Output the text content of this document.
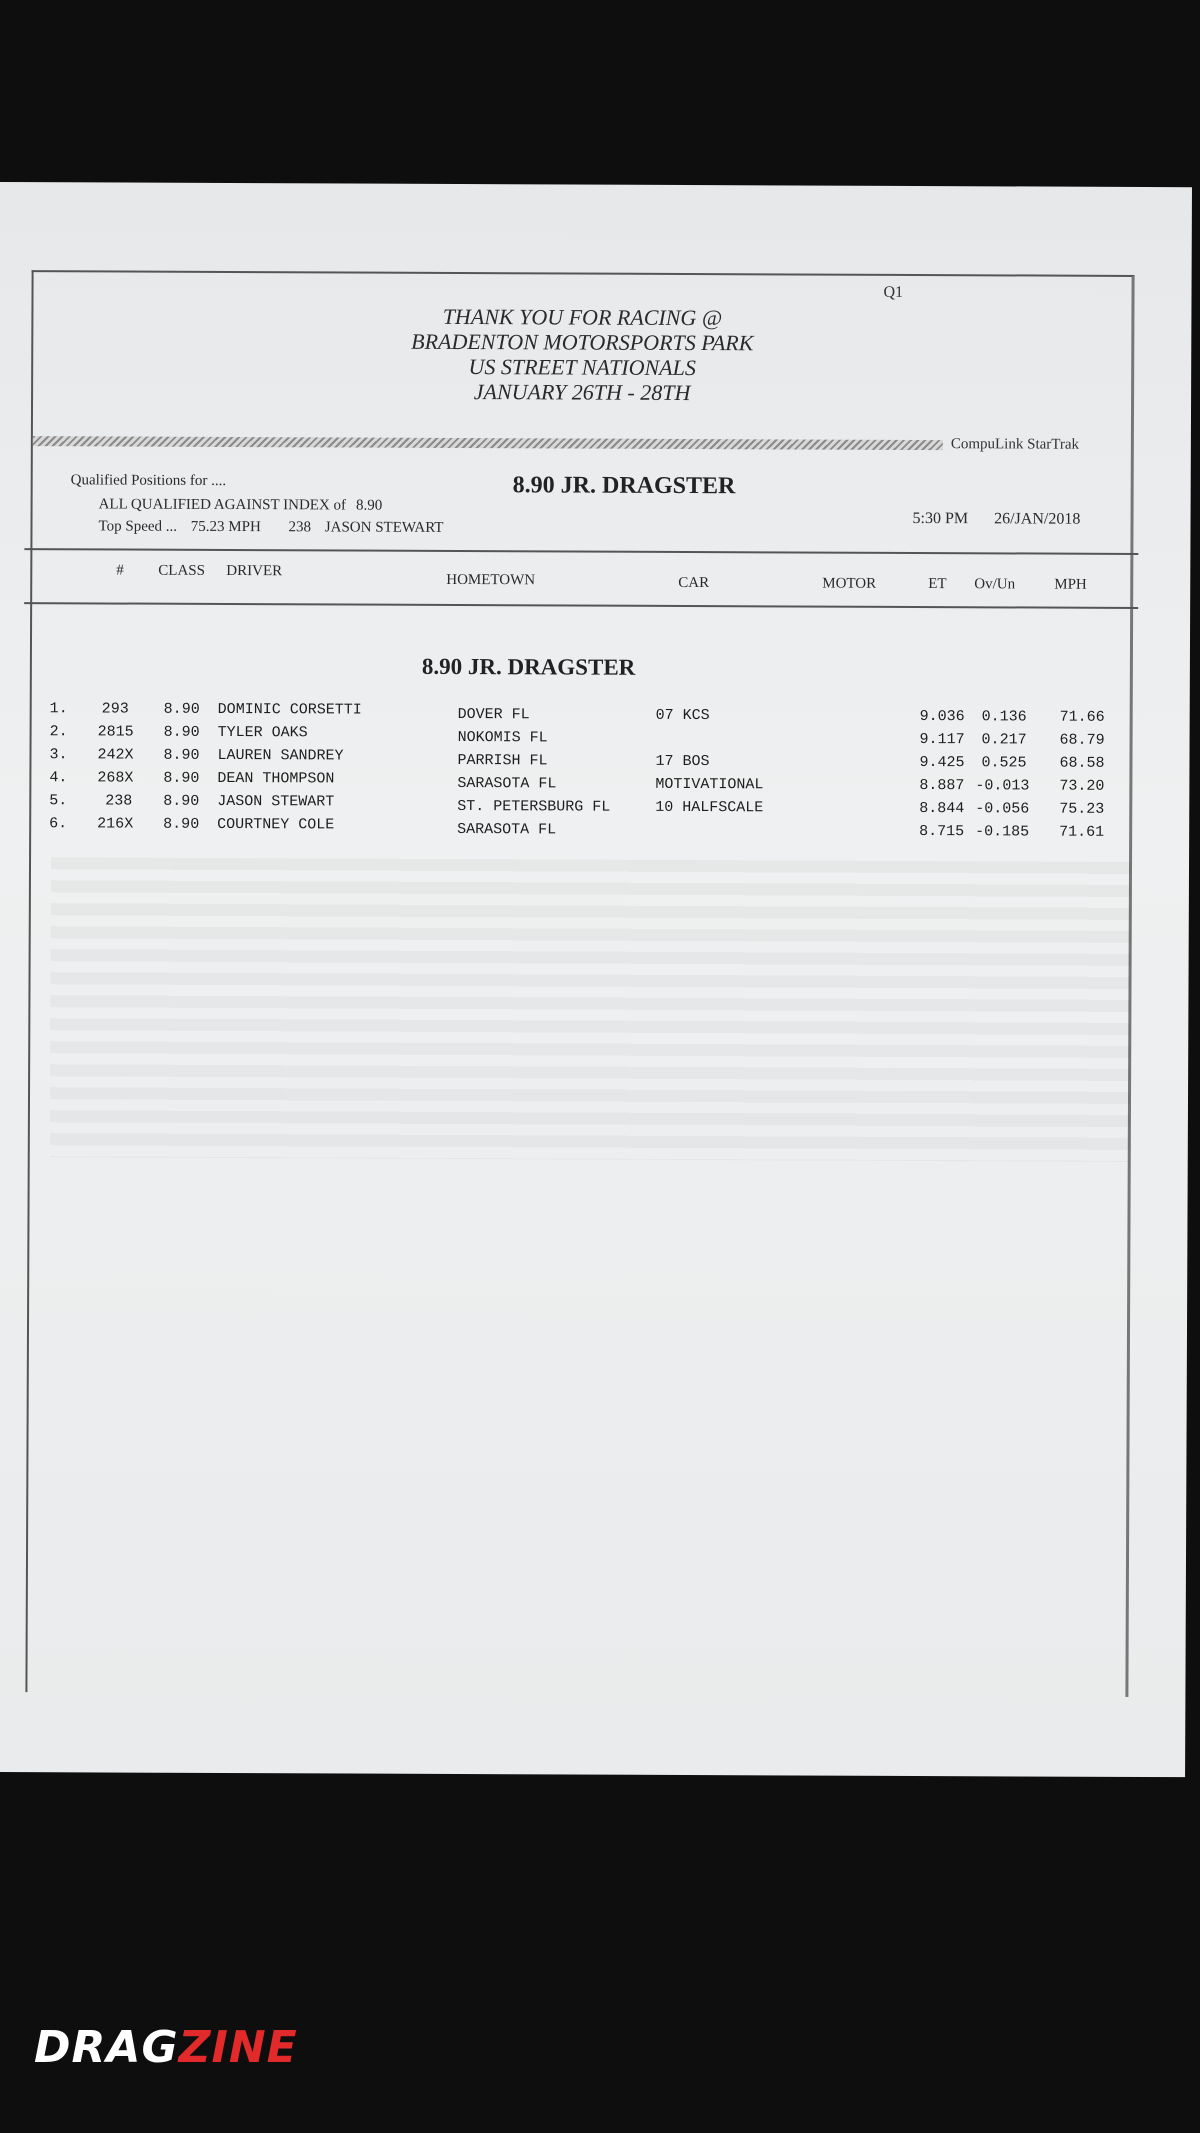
Q1
THANK YOU FOR RACING @
BRADENTON MOTORSPORTS PARK
US STREET NATIONALS
JANUARY 26TH - 28TH
CompuLink StarTrak
Qualified Positions for ....
ALL QUALIFIED AGAINST INDEX of 8.90
Top Speed ... 75.23 MPH 238 JASON STEWART
8.90 JR. DRAGSTER
5:30 PM 26/JAN/2018
# CLASS DRIVER
HOMETOWN	CAR	MOTOR	ET Ov/Un	MPH
8.90 JR. DRAGSTER
1. 293 8.90 DOMINIC CORSETTI	DOVER FL	07 KCS	9.036 0.136 71.66
2. 2815 8.90 TYLER OAKS	NOKOMIS FL	9.117 0.217 68.79
3. 242X 8.90 LAUREN SANDREY	PARRISH FL	17 BOS	9.425 0.525 68.58
4. 268X 8.90 DEAN THOMPSON	SARASOTA FL	MOTIVATIONAL	8.887 -0.013 73.20
5.	238 8.90 JASON STEWART	ST. PETERSBURG FL	10 HALFSCALE	8.844 -0.056 75.23
6. 216X 8.90 COURTNEY COLE	SARASOTA FL	8.715 -0.185 71.61
DRAGZINE
